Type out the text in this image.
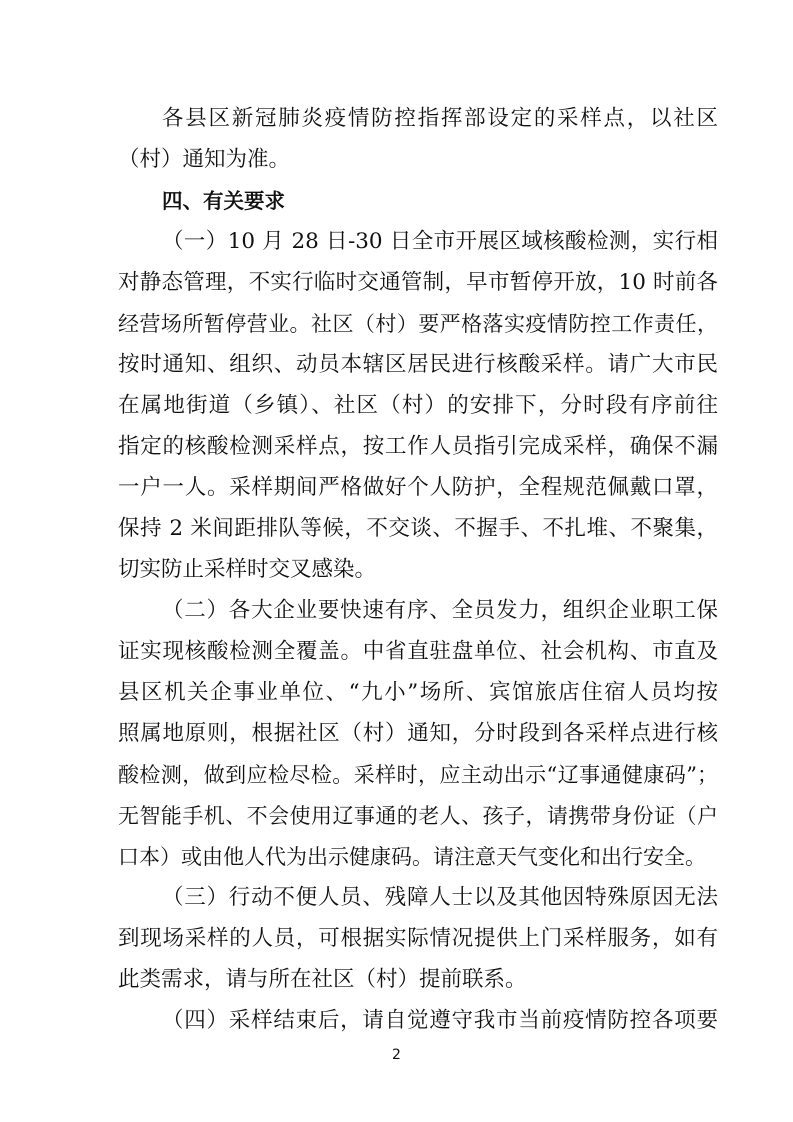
各县区新冠肺炎疫情防控指挥部设定的采样点，以社区
（村）通知为准。
四、有关要求
（一）10 月 28 日-30 日全市开展区域核酸检测，实行相
对静态管理，不实行临时交通管制，早市暂停开放，10 时前各
经营场所暂停营业。社区（村）要严格落实疫情防控工作责任，
按时通知、组织、动员本辖区居民进行核酸采样。请广大市民
在属地街道（乡镇）、社区（村）的安排下，分时段有序前往
指定的核酸检测采样点，按工作人员指引完成采样，确保不漏
一户一人。采样期间严格做好个人防护，全程规范佩戴口罩，
保持 2 米间距排队等候，不交谈、不握手、不扎堆、不聚集，
切实防止采样时交叉感染。
（二）各大企业要快速有序、全员发力，组织企业职工保
证实现核酸检测全覆盖。中省直驻盘单位、社会机构、市直及
县区机关企事业单位、“九小”场所、宾馆旅店住宿人员均按
照属地原则，根据社区（村）通知，分时段到各采样点进行核
酸检测，做到应检尽检。采样时，应主动出示“辽事通健康码”；
无智能手机、不会使用辽事通的老人、孩子，请携带身份证（户
口本）或由他人代为出示健康码。请注意天气变化和出行安全。
（三）行动不便人员、残障人士以及其他因特殊原因无法
到现场采样的人员，可根据实际情况提供上门采样服务，如有
此类需求，请与所在社区（村）提前联系。
（四）采样结束后，请自觉遵守我市当前疫情防控各项要
2
